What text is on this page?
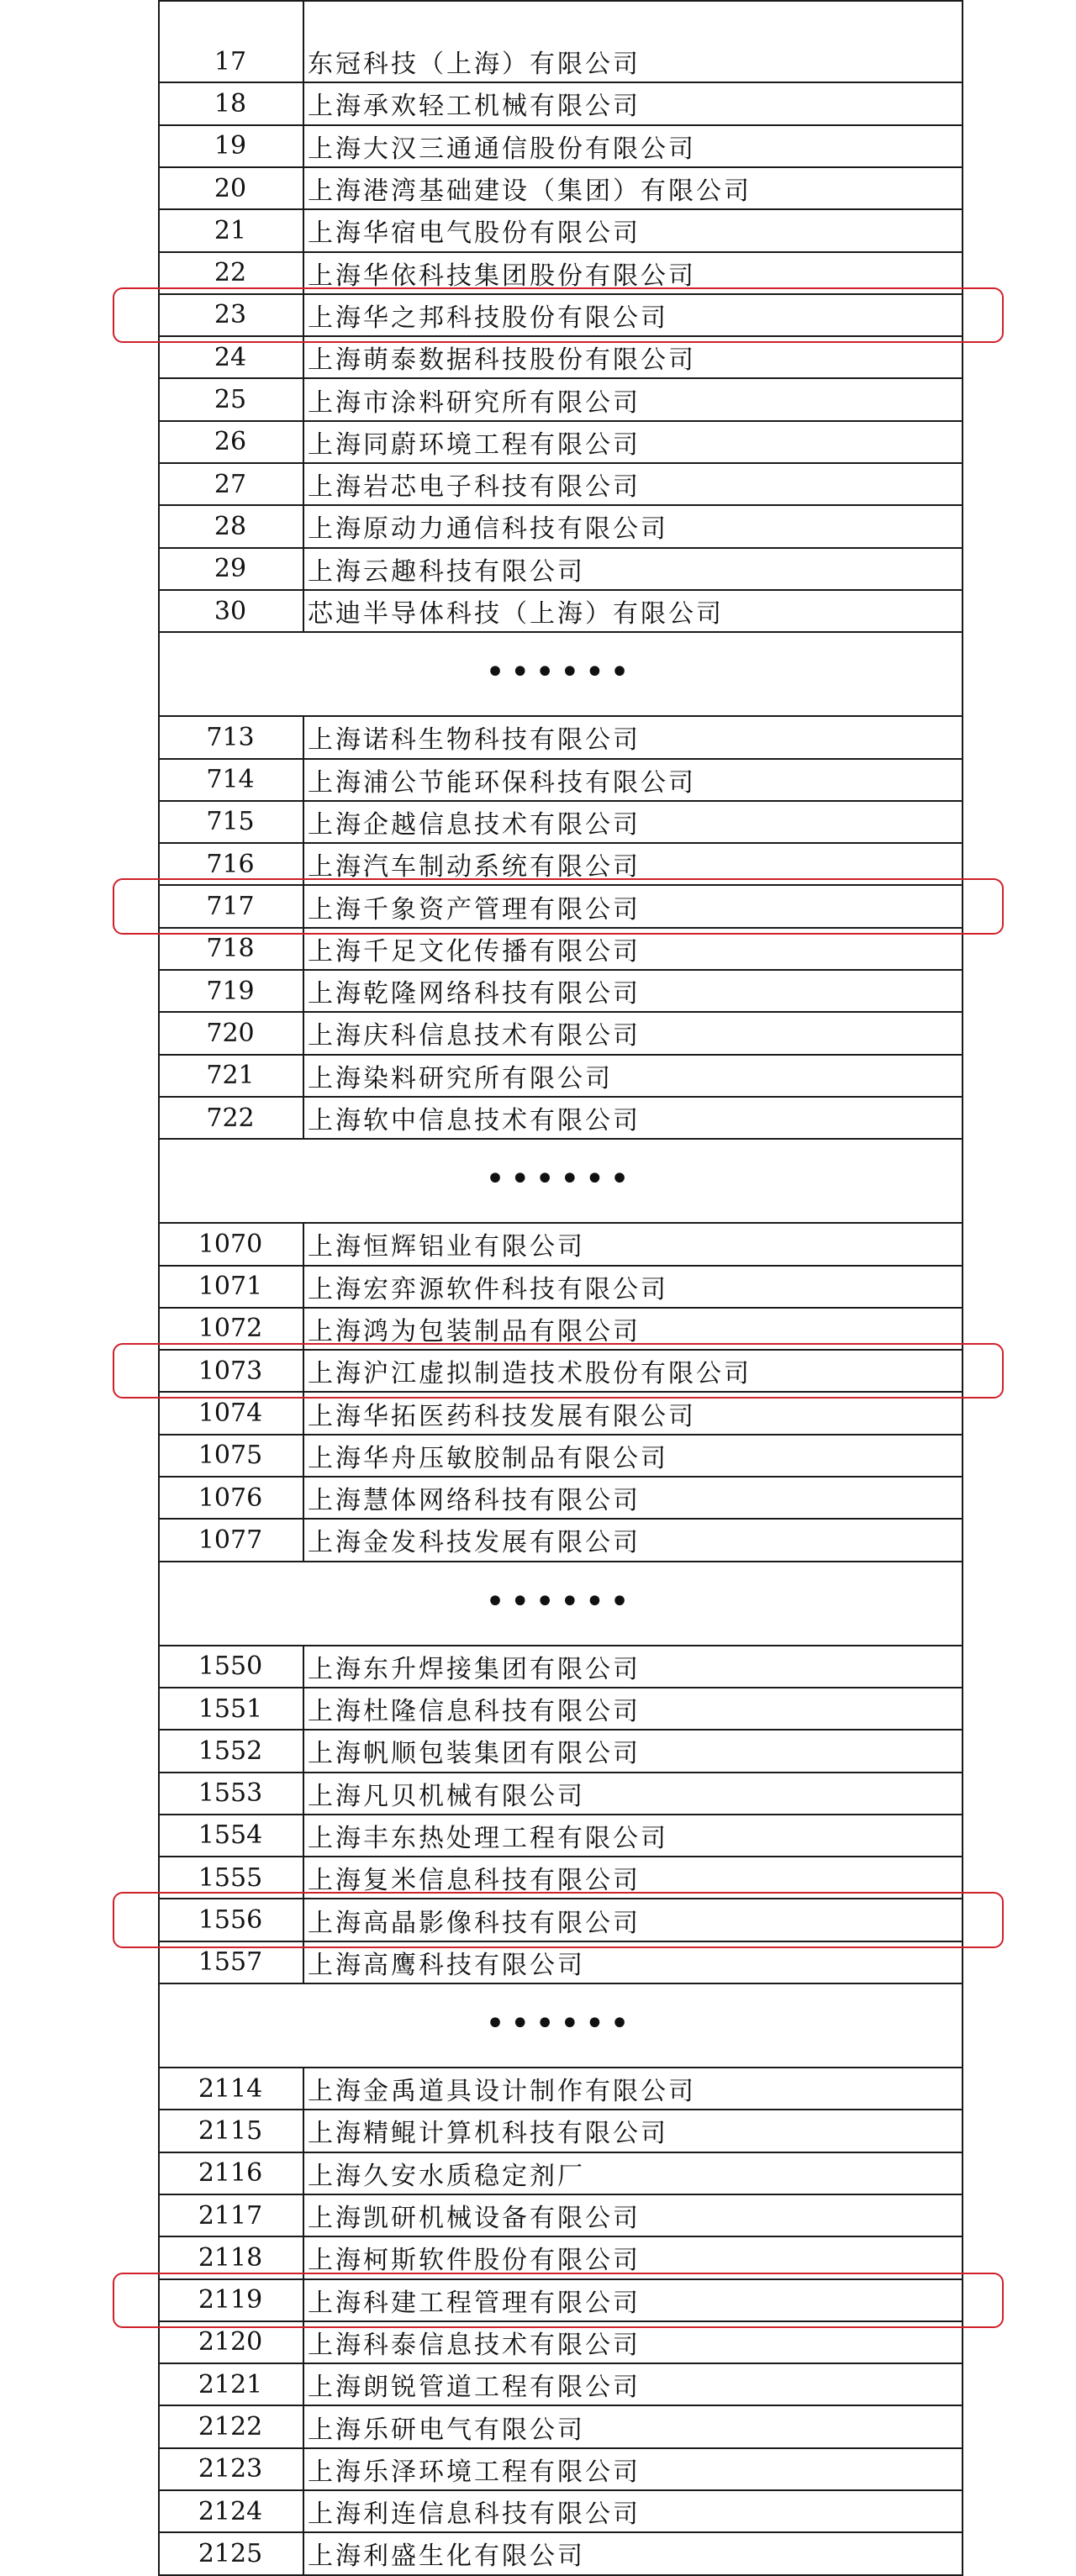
17	东冠科技（上海）有限公司
18	上海承欢轻工机械有限公司
19	上海大汉三通通信股份有限公司
20	上海港湾基础建设（集团）有限公司
21	上海华宿电气股份有限公司
22	上海华依科技集团股份有限公司
23	上海华之邦科技股份有限公司
24	上海萌泰数据科技股份有限公司
25	上海市涂料研究所有限公司
26	上海同蔚环境工程有限公司
27	上海岩芯电子科技有限公司
28	上海原动力通信科技有限公司
29	上海云趣科技有限公司
30	芯迪半导体科技（上海）有限公司
••••••
713	上海诺科生物科技有限公司
714	上海浦公节能环保科技有限公司
715	上海企越信息技术有限公司
716	上海汽车制动系统有限公司
717	上海千象资产管理有限公司
718	上海千足文化传播有限公司
719	上海乾隆网络科技有限公司
720	上海庆科信息技术有限公司
721	上海染料研究所有限公司
722	上海软中信息技术有限公司
••••••
1070	上海恒辉铝业有限公司
1071	上海宏弈源软件科技有限公司
1072	上海鸿为包装制品有限公司
1073	上海沪江虚拟制造技术股份有限公司
1074	上海华拓医药科技发展有限公司
1075	上海华舟压敏胶制品有限公司
1076	上海慧体网络科技有限公司
1077	上海金发科技发展有限公司
••••••
1550	上海东升焊接集团有限公司
1551	上海杜隆信息科技有限公司
1552	上海帆顺包装集团有限公司
1553	上海凡贝机械有限公司
1554	上海丰东热处理工程有限公司
1555	上海复米信息科技有限公司
1556	上海高晶影像科技有限公司
1557	上海高鹰科技有限公司
••••••
2114	上海金禹道具设计制作有限公司
2115	上海精鲲计算机科技有限公司
2116	上海久安水质稳定剂厂
2117	上海凯研机械设备有限公司
2118	上海柯斯软件股份有限公司
2119	上海科建工程管理有限公司
2120	上海科泰信息技术有限公司
2121	上海朗锐管道工程有限公司
2122	上海乐研电气有限公司
2123	上海乐泽环境工程有限公司
2124	上海利连信息科技有限公司
2125	上海利盛生化有限公司
